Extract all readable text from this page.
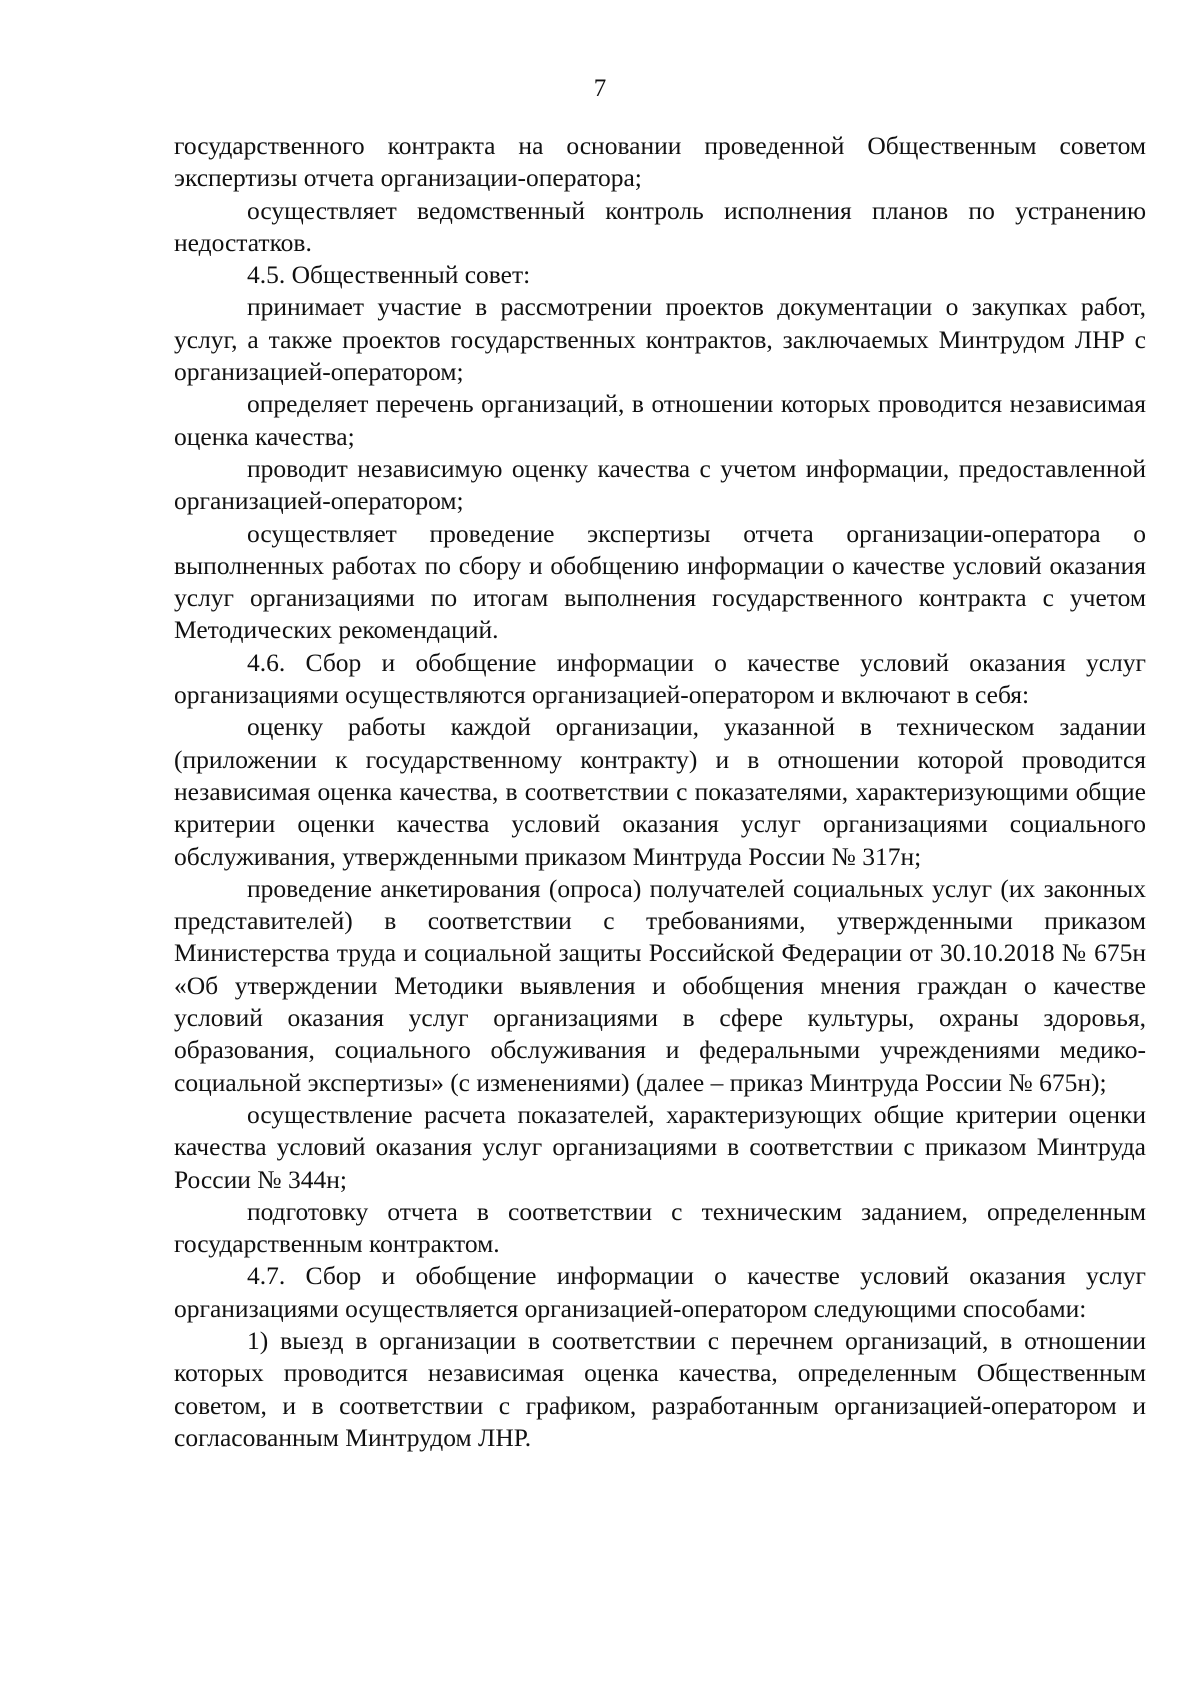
7

государственного контракта на основании проведенной Общественным советом экспертизы отчета организации-оператора;

осуществляет ведомственный контроль исполнения планов по устранению недостатков.

4.5. Общественный совет:

принимает участие в рассмотрении проектов документации о закупках работ, услуг, а также проектов государственных контрактов, заключаемых Минтрудом ЛНР с организацией-оператором;

определяет перечень организаций, в отношении которых проводится независимая оценка качества;

проводит независимую оценку качества с учетом информации, предоставленной организацией-оператором;

осуществляет проведение экспертизы отчета организации-оператора о выполненных работах по сбору и обобщению информации о качестве условий оказания услуг организациями по итогам выполнения государственного контракта с учетом Методических рекомендаций.

4.6. Сбор и обобщение информации о качестве условий оказания услуг организациями осуществляются организацией-оператором и включают в себя:

оценку работы каждой организации, указанной в техническом задании (приложении к государственному контракту) и в отношении которой проводится независимая оценка качества, в соответствии с показателями, характеризующими общие критерии оценки качества условий оказания услуг организациями социального обслуживания, утвержденными приказом Минтруда России № 317н;

проведение анкетирования (опроса) получателей социальных услуг (их законных представителей) в соответствии с требованиями, утвержденными приказом Министерства труда и социальной защиты Российской Федерации от 30.10.2018 № 675н «Об утверждении Методики выявления и обобщения мнения граждан о качестве условий оказания услуг организациями в сфере культуры, охраны здоровья, образования, социального обслуживания и федеральными учреждениями медико-социальной экспертизы» (с изменениями) (далее – приказ Минтруда России № 675н);

осуществление расчета показателей, характеризующих общие критерии оценки качества условий оказания услуг организациями в соответствии с приказом Минтруда России № 344н;

подготовку отчета в соответствии с техническим заданием, определенным государственным контрактом.

4.7. Сбор и обобщение информации о качестве условий оказания услуг организациями осуществляется организацией-оператором следующими способами:

1) выезд в организации в соответствии с перечнем организаций, в отношении которых проводится независимая оценка качества, определенным Общественным советом, и в соответствии с графиком, разработанным организацией-оператором и согласованным Минтрудом ЛНР.
